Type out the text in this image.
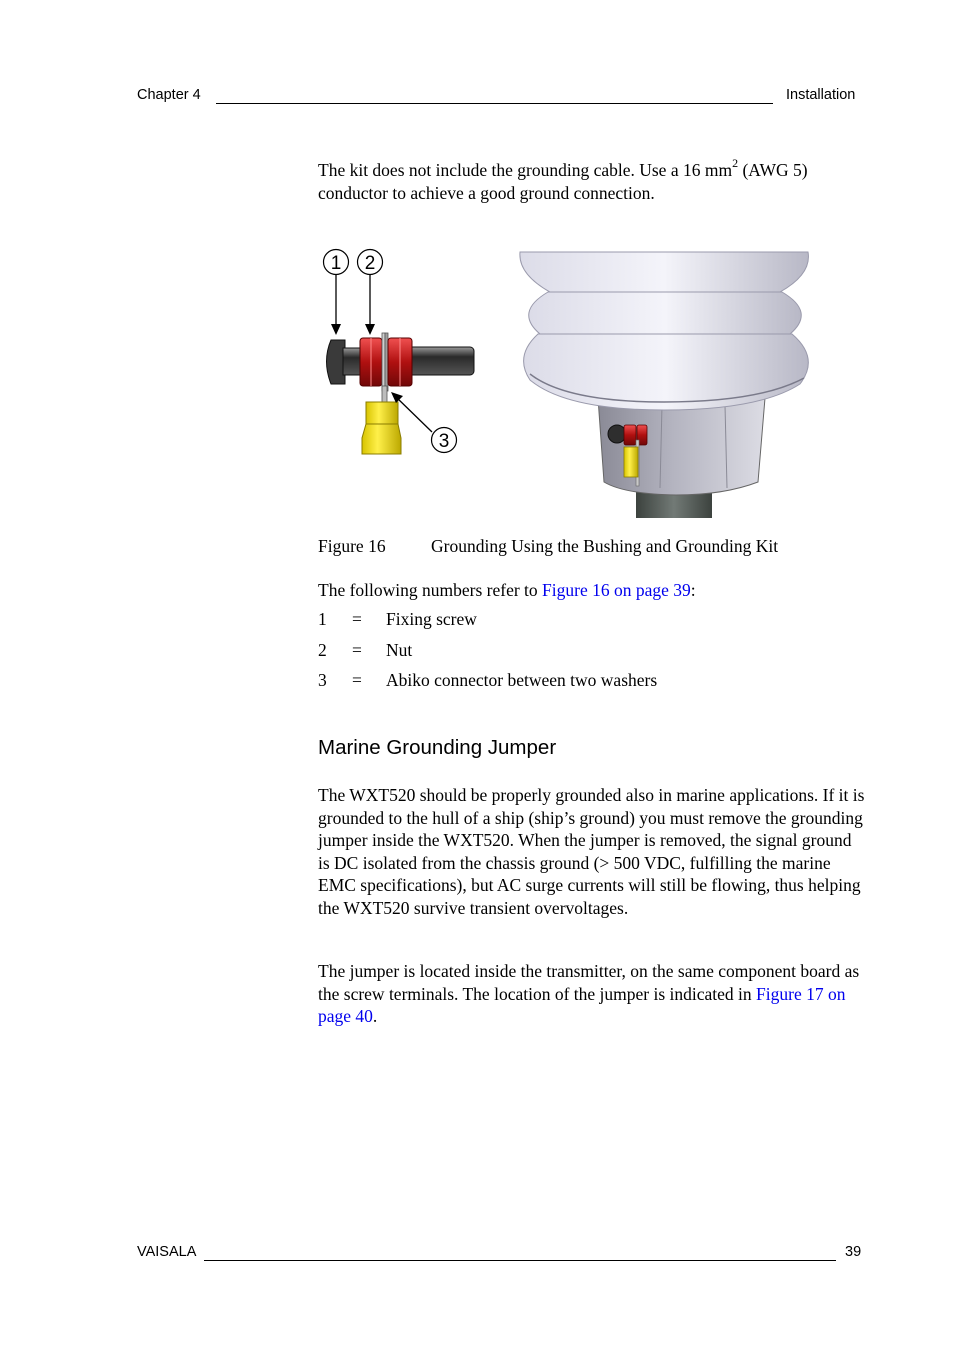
Chapter 4	Installation
The kit does not include the grounding cable. Use a 16 $mm^2$ (AWG 5) conductor to achieve a good ground connection.
1 2
3
Figure 16	Grounding Using the Bushing and Grounding Kit
The following numbers refer to Figure 16 on page 39:
1 = Fixing screw
2 = Nut
3 = Abiko connector between two washers
Marine Grounding Jumper
The WXT520 should be properly grounded also in marine applications. If it is grounded to the hull of a ship (ship’s ground) you must remove the grounding jumper inside the WXT520. When the jumper is removed, the signal ground is DC isolated from the chassis ground (> 500 VDC, fulfilling the marine EMC specifications), but AC surge currents will still be flowing, thus helping the WXT520 survive transient overvoltages.
The jumper is located inside the transmitter, on the same component board as the screw terminals. The location of the jumper is indicated in Figure 17 on page 40.
VAISALA	39
